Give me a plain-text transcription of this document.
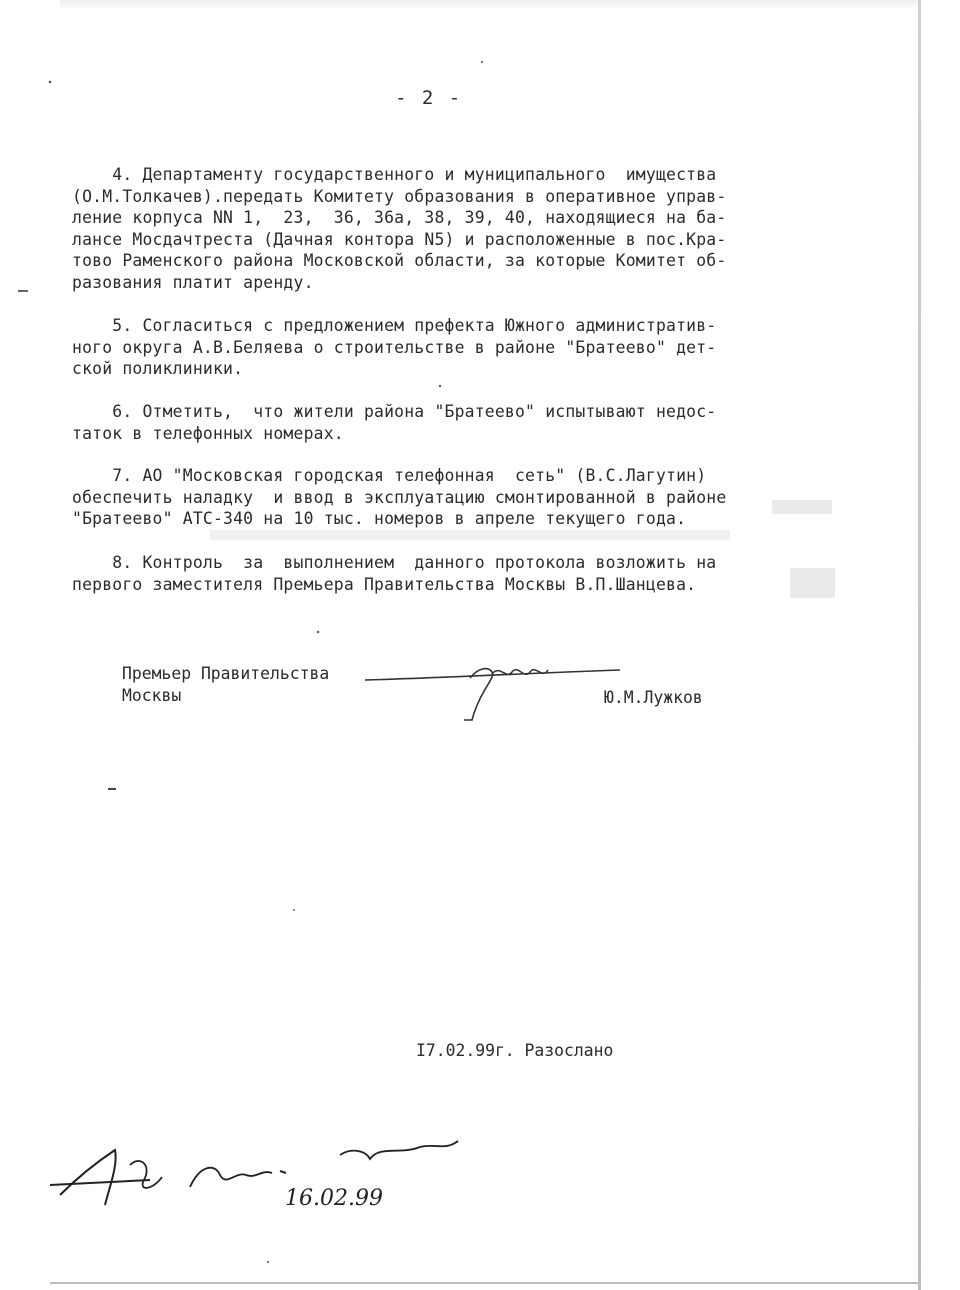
- 2 -
4. Департаменту государственного и муниципального  имущества
(О.М.Толкачев).передать Комитету образования в оперативное управ-
ление корпуса NN 1,  23,  36, 36а, 38, 39, 40, находящиеся на ба-
лансе Мосдачтреста (Дачная контора N5) и расположенные в пос.Кра-
тово Раменского района Московской области, за которые Комитет об-
разования платит аренду.
5. Согласиться с предложением префекта Южного административ-
ного округа А.В.Беляева о строительстве в районе "Братеево" дет-
ской поликлиники.
6. Отметить,  что жители района "Братеево" испытывают недос-
таток в телефонных номерах.
7. АО "Московская городская телефонная  сеть" (В.С.Лагутин)
обеспечить наладку  и ввод в эксплуатацию смонтированной в районе
"Братеево" АТС-340 на 10 тыс. номеров в апреле текущего года.
8. Контроль  за  выполнением  данного протокола возложить на
первого заместителя Премьера Правительства Москвы В.П.Шанцева.
Премьер Правительства
Москвы	Ю.М.Лужков
I7.02.99г. Разослано
16.02.99
